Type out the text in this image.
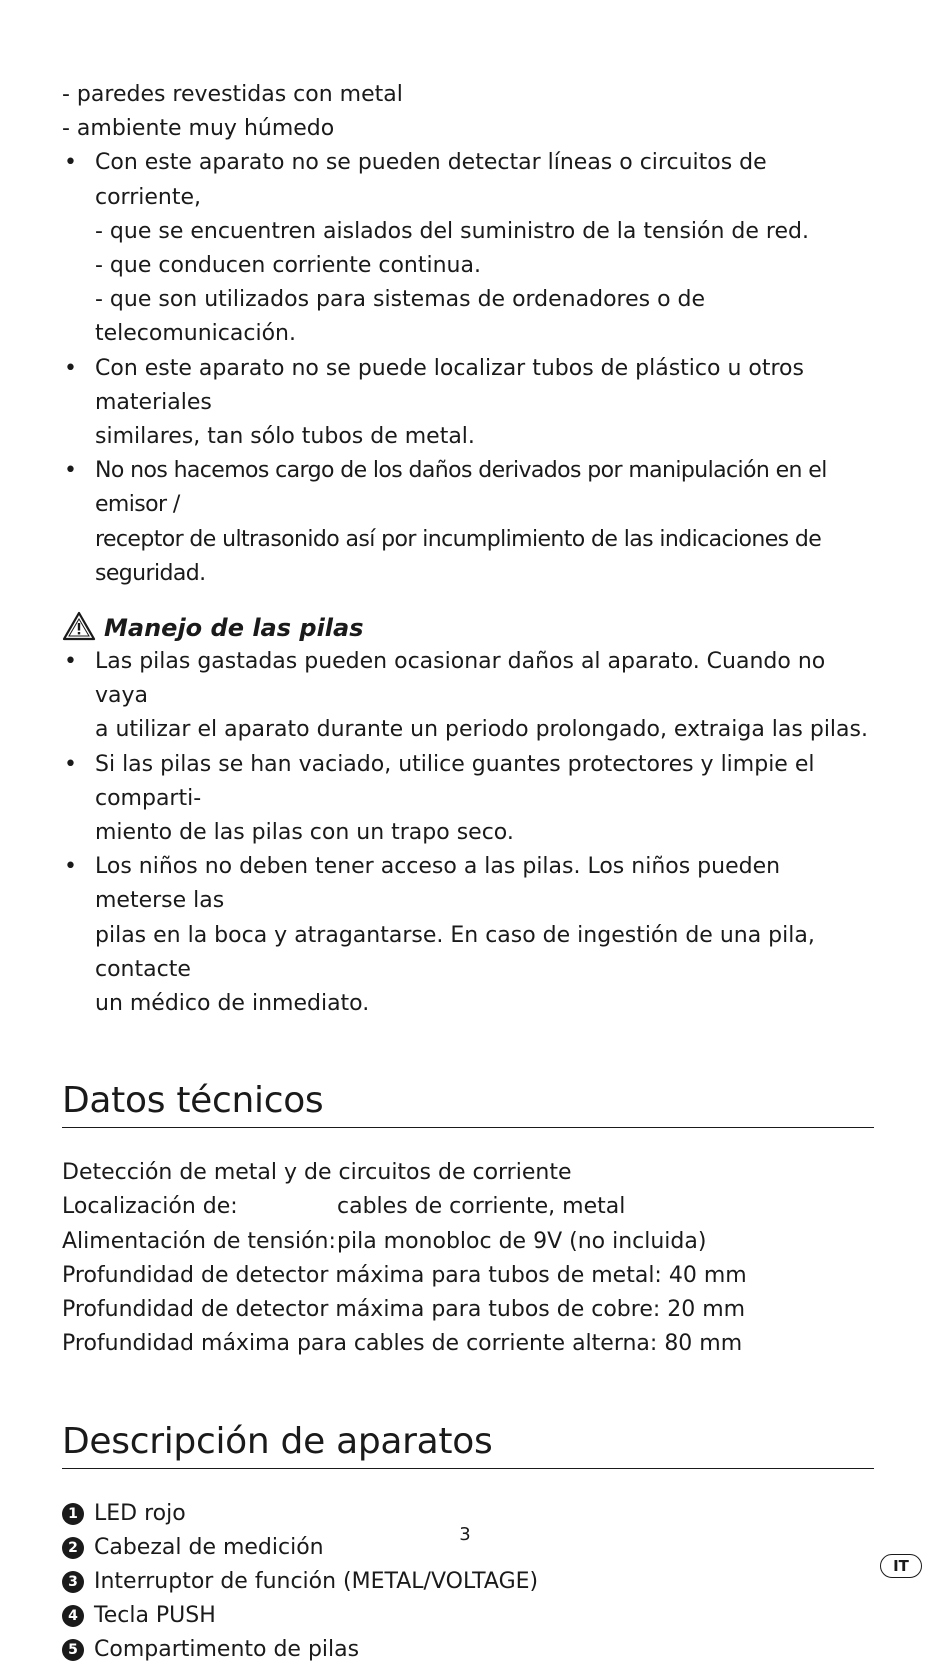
- paredes revestidas con metal
- ambiente muy húmedo
• Con este aparato no se pueden detectar líneas o circuitos de corriente,
- que se encuentren aislados del suministro de la tensión de red.
- que conducen corriente continua.
- que son utilizados para sistemas de ordenadores o de telecomunicación.
• Con este aparato no se puede localizar tubos de plástico u otros materiales
similares, tan sólo tubos de metal.
• No nos hacemos cargo de los daños derivados por manipulación en el emisor /
receptor de ultrasonido así por incumplimiento de las indicaciones de seguridad.
Manejo de las pilas
• Las pilas gastadas pueden ocasionar daños al aparato. Cuando no vaya
a utilizar el aparato durante un periodo prolongado, extraiga las pilas.
• Si las pilas se han vaciado, utilice guantes protectores y limpie el comparti-
miento de las pilas con un trapo seco.
• Los niños no deben tener acceso a las pilas. Los niños pueden meterse las
pilas en la boca y atragantarse. En caso de ingestión de una pila, contacte
un médico de inmediato.
Datos técnicos
Detección de metal y de circuitos de corriente
Localización de:	cables de corriente, metal
Alimentación de tensión: pila monobloc de 9V (no incluida)
Profundidad de detector máxima para tubos de metal: 40 mm
Profundidad de detector máxima para tubos de cobre: 20 mm
Profundidad máxima para cables de corriente alterna: 80 mm
Descripción de aparatos
1 LED rojo
2 Cabezal de medición
3 Interruptor de función (METAL/VOLTAGE)
4 Tecla PUSH
5 Compartimento de pilas
3
IT
